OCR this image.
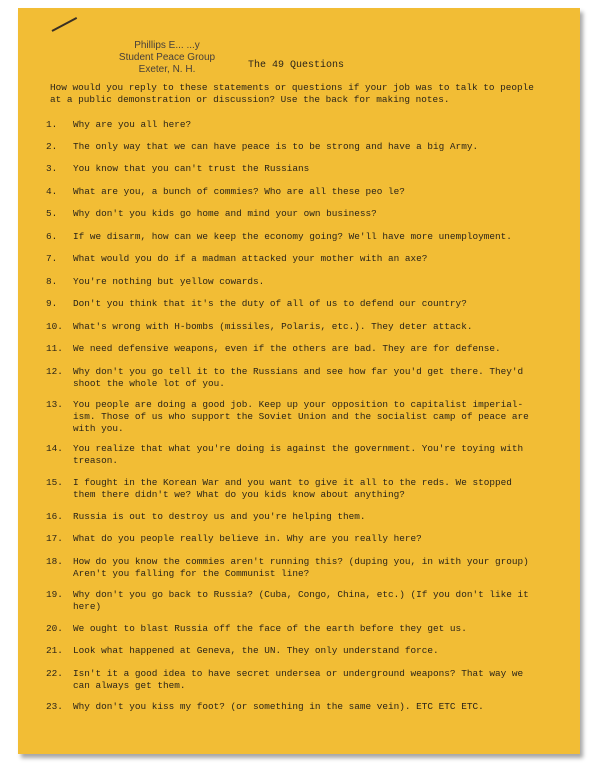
Phillips E... ...y
Student Peace Group
Exeter, N. H.	The 49 Questions
How would you reply to these statements or questions if your job was to talk to people at a public demonstration or discussion? Use the back for making notes.
1.	Why are you all here?
2.	The only way that we can have peace is to be strong and have a big Army.
3.	You know that you can't trust the Russians
4.	What are you, a bunch of commies? Who are all these peo le?
5.	Why don't you kids go home and mind your own business?
6.	If we disarm, how can we keep the economy going? We'll have more unemployment.
7.	What would you do if a madman attacked your mother with an axe?
8.	You're nothing but yellow cowards.
9.	Don't you think that it's the duty of all of us to defend our country?
10.	What's wrong with H-bombs (missiles, Polaris, etc.). They deter attack.
11.	We need defensive weapons, even if the others are bad. They are for defense.
12.	Why don't you go tell it to the Russians and see how far you'd get there. They'd
shoot the whole lot of you.
13.	You people are doing a good job. Keep up your opposition to capitalist imperial-
ism. Those of us who support the Soviet Union and the socialist camp of peace are
with you.
14.	You realize that what you're doing is against the government. You're toying with
treason.
15.	I fought in the Korean War and you want to give it all to the reds. We stopped
them there didn't we? What do you kids know about anything?
16.	Russia is out to destroy us and you're helping them.
17.	What do you people really believe in. Why are you really here?
18.	How do you know the commies aren't running this? (duping you, in with your group)
Aren't you falling for the Communist line?
19.	Why don't you go back to Russia? (Cuba, Congo, China, etc.) (If you don't like it
here)
20.	We ought to blast Russia off the face of the earth before they get us.
21.	Look what happened at Geneva, the UN. They only understand force.
22.	Isn't it a good idea to have secret undersea or underground weapons? That way we
can always get them.
23.	Why don't you kiss my foot? (or something in the same vein). ETC ETC ETC.
